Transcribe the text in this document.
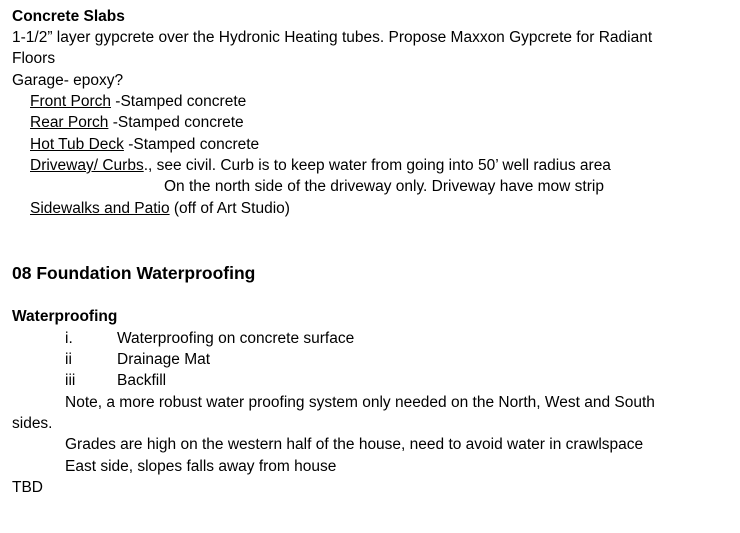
Concrete Slabs
1-1/2” layer gypcrete over the Hydronic Heating tubes. Propose Maxxon Gypcrete for Radiant
Floors
Garage- epoxy?
Front Porch -Stamped concrete
Rear Porch -Stamped concrete
Hot Tub Deck -Stamped concrete
Driveway/ Curbs., see civil. Curb is to keep water from going into 50’ well radius area
On the north side of the driveway only. Driveway have mow strip
Sidewalks and Patio (off of Art Studio)
08 Foundation Waterproofing
Waterproofing
i.	Waterproofing on concrete surface
ii	Drainage Mat
iii	Backfill
Note, a more robust water proofing system only needed on the North, West and South
sides.
Grades are high on the western half of the house, need to avoid water in crawlspace
East side, slopes falls away from house
TBD
